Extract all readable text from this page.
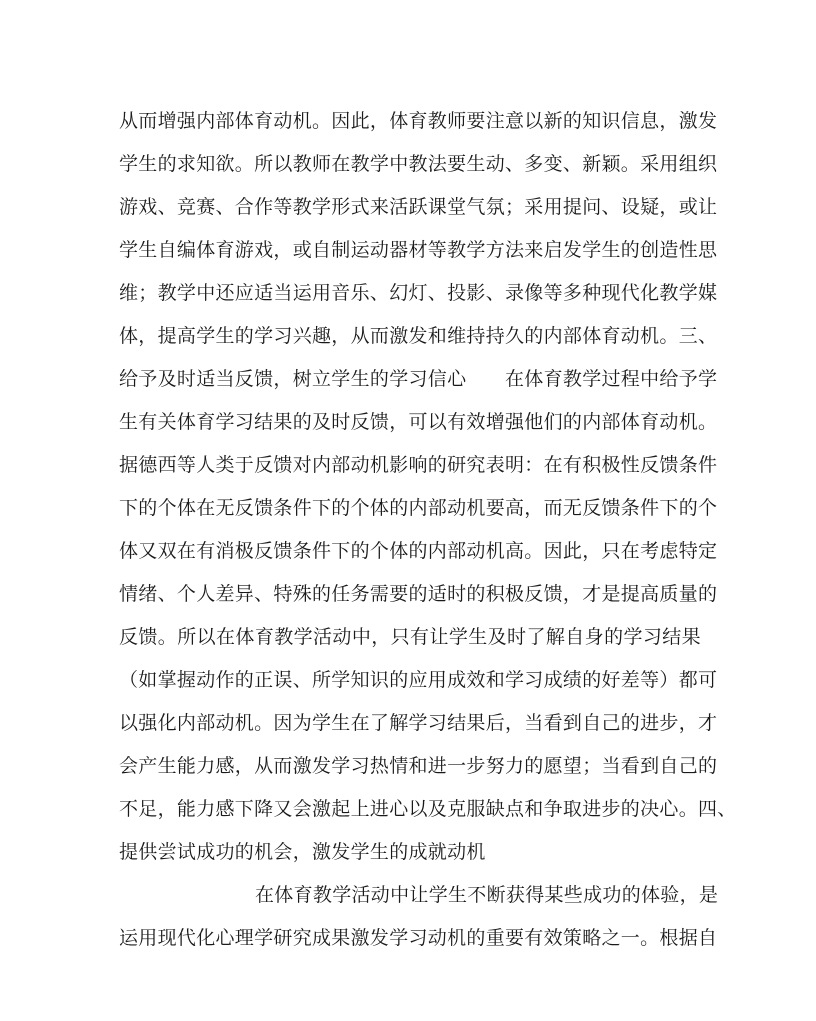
从而增强内部体育动机。因此，体育教师要注意以新的知识信息，激发
学生的求知欲。所以教师在教学中教法要生动、多变、新颖。采用组织
游戏、竞赛、合作等教学形式来活跃课堂气氛；采用提问、设疑，或让
学生自编体育游戏，或自制运动器材等教学方法来启发学生的创造性思
维；教学中还应适当运用音乐、幻灯、投影、录像等多种现代化教学媒
体，提高学生的学习兴趣，从而激发和维持持久的内部体育动机。三、
给予及时适当反馈，树立学生的学习信心　　在体育教学过程中给予学
生有关体育学习结果的及时反馈，可以有效增强他们的内部体育动机。
据德西等人类于反馈对内部动机影响的研究表明：在有积极性反馈条件
下的个体在无反馈条件下的个体的内部动机要高，而无反馈条件下的个
体又双在有消极反馈条件下的个体的内部动机高。因此，只在考虑特定
情绪、个人差异、特殊的任务需要的适时的积极反馈，才是提高质量的
反馈。所以在体育教学活动中，只有让学生及时了解自身的学习结果
（如掌握动作的正误、所学知识的应用成效和学习成绩的好差等）都可
以强化内部动机。因为学生在了解学习结果后，当看到自己的进步，才
会产生能力感，从而激发学习热情和进一步努力的愿望；当看到自己的
不足，能力感下降又会激起上进心以及克服缺点和争取进步的决心。四、
提供尝试成功的机会，激发学生的成就动机
在体育教学活动中让学生不断获得某些成功的体验，是
运用现代化心理学研究成果激发学习动机的重要有效策略之一。根据自
